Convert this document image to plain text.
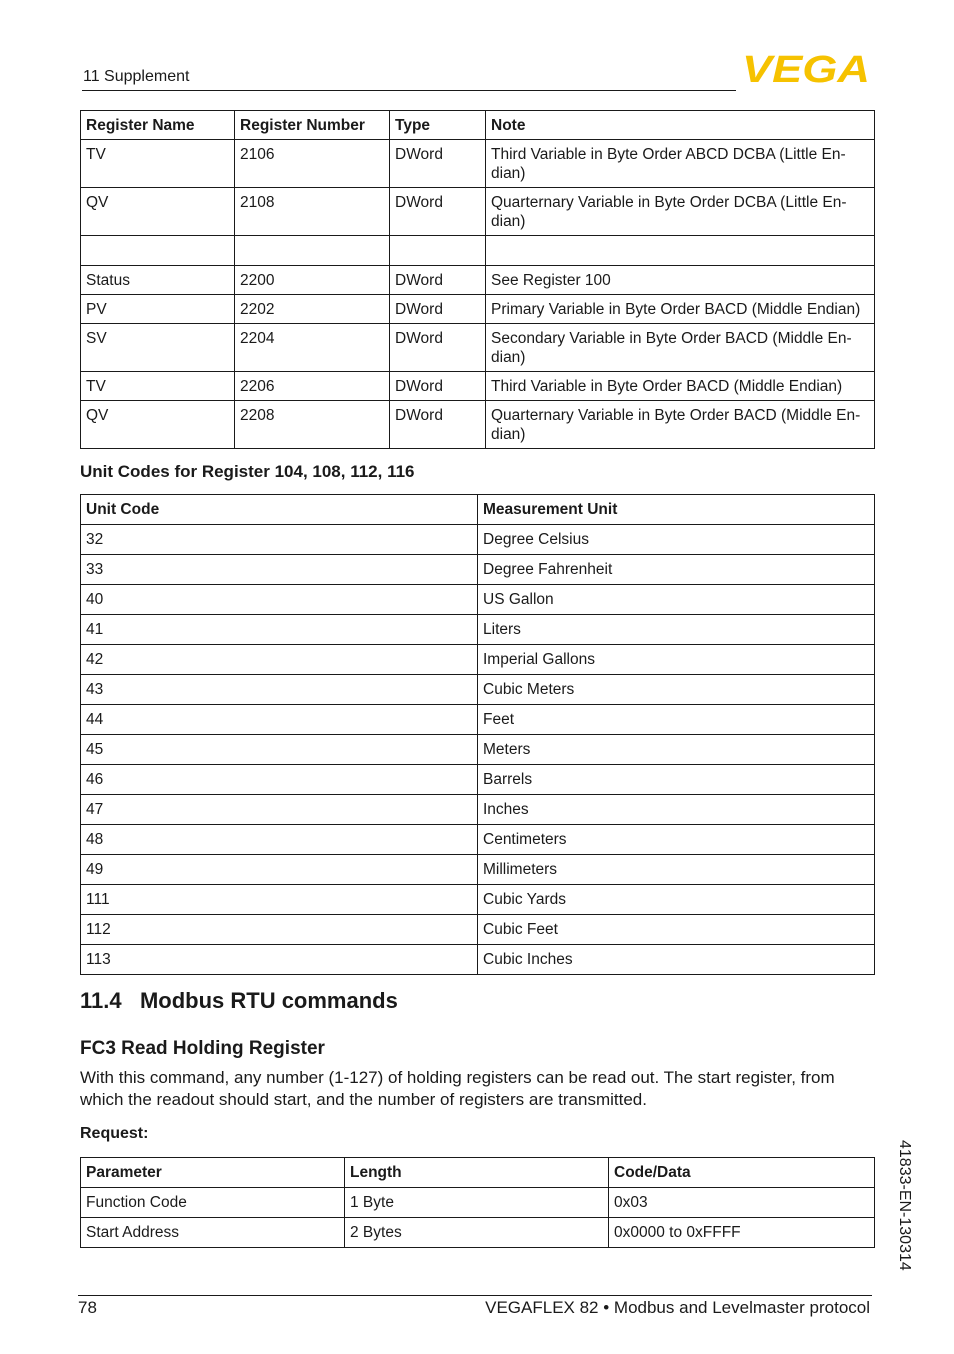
11 Supplement	VEGA
Register Name	Register Number	Type	Note
TV	2106	DWord	Third Variable in Byte Order ABCD DCBA (Little En-dian)
QV	2108	DWord	Quarternary Variable in Byte Order DCBA (Little En-dian)

Status	2200	DWord	See Register 100
PV	2202	DWord	Primary Variable in Byte Order BACD (Middle Endian)
SV	2204	DWord	Secondary Variable in Byte Order BACD (Middle En-dian)
TV	2206	DWord	Third Variable in Byte Order BACD (Middle Endian)
QV	2208	DWord	Quarternary Variable in Byte Order BACD (Middle En-dian)
Unit Codes for Register 104, 108, 112, 116
Unit Code	Measurement Unit
32	Degree Celsius
33	Degree Fahrenheit
40	US Gallon
41	Liters
42	Imperial Gallons
43	Cubic Meters
44	Feet
45	Meters
46	Barrels
47	Inches
48	Centimeters
49	Millimeters
111	Cubic Yards
112	Cubic Feet
113	Cubic Inches
11.4   Modbus RTU commands
FC3 Read Holding Register
With this command, any number (1-127) of holding registers can be read out. The start register, from which the readout should start, and the number of registers are transmitted.
Request:
Parameter	Length	Code/Data
Function Code	1 Byte	0x03
Start Address	2 Bytes	0x0000 to 0xFFFF	41833-EN-130314
78	VEGAFLEX 82 • Modbus and Levelmaster protocol
